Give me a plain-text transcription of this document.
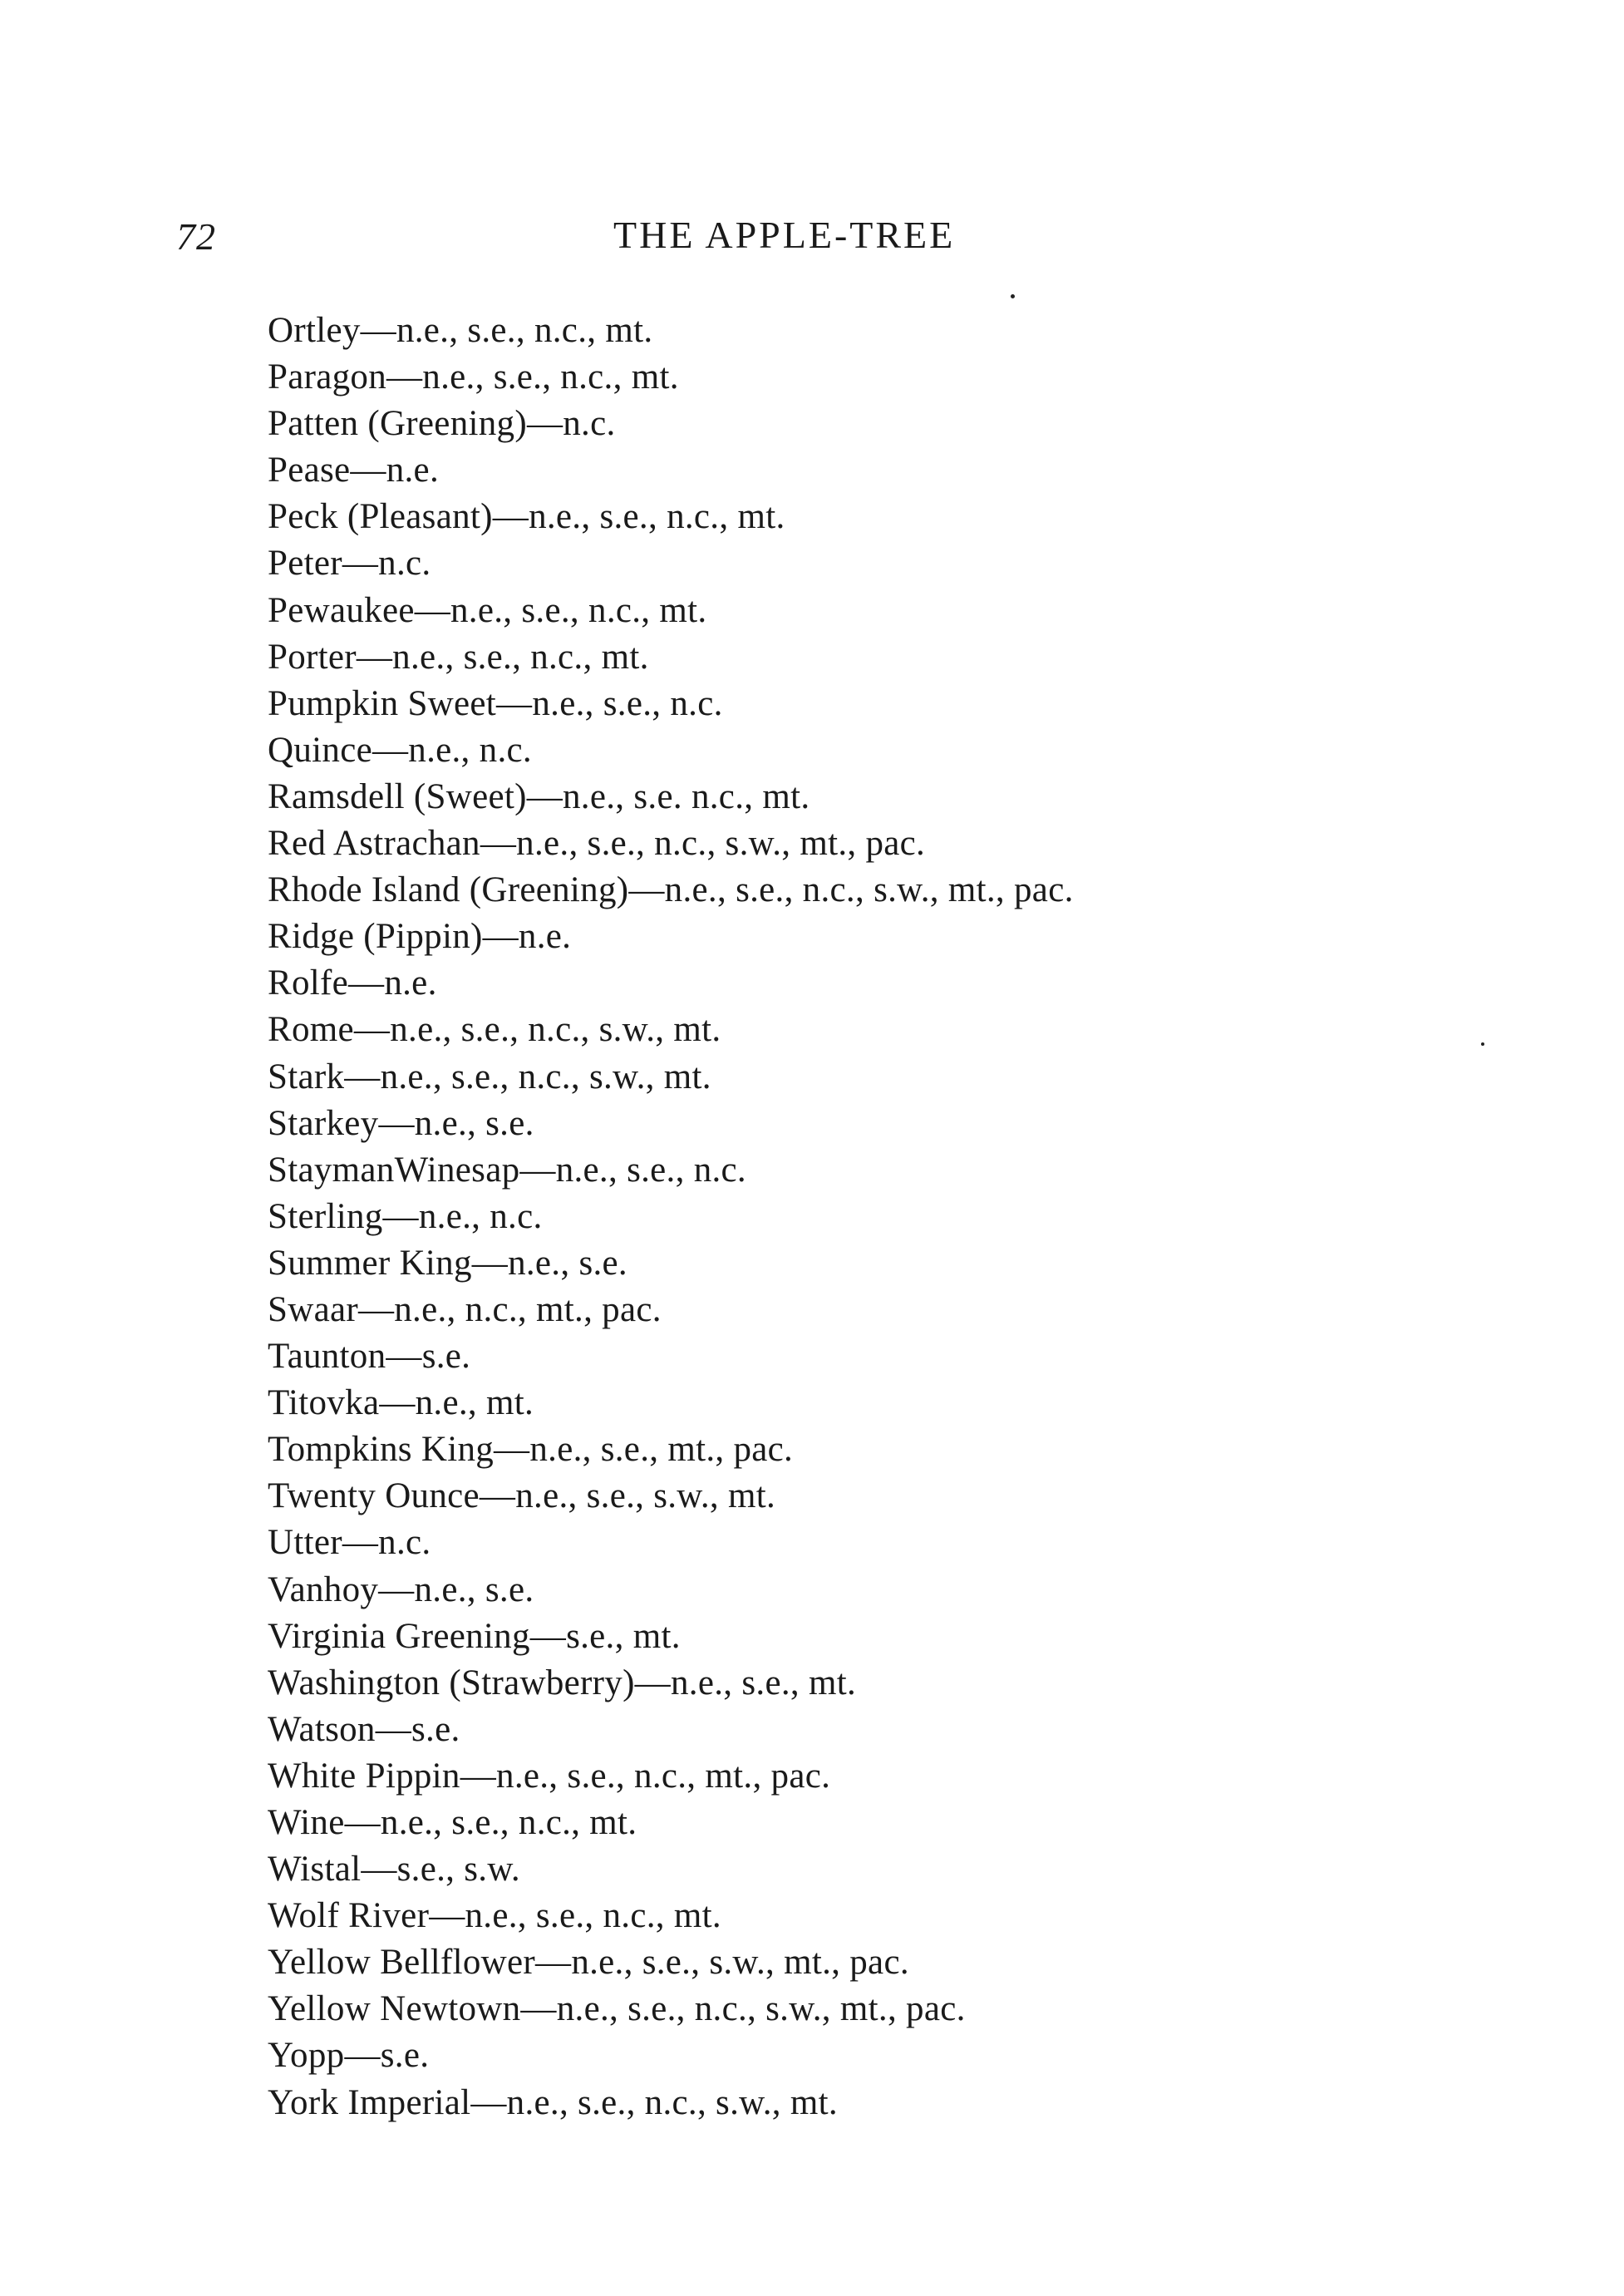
72	THE APPLE-TREE
Ortley—n.e., s.e., n.c., mt.
Paragon—n.e., s.e., n.c., mt.
Patten (Greening)—n.c.
Pease—n.e.
Peck (Pleasant)—n.e., s.e., n.c., mt.
Peter—n.c.
Pewaukee—n.e., s.e., n.c., mt.
Porter—n.e., s.e., n.c., mt.
Pumpkin Sweet—n.e., s.e., n.c.
Quince—n.e., n.c.
Ramsdell (Sweet)—n.e., s.e. n.c., mt.
Red Astrachan—n.e., s.e., n.c., s.w., mt., pac.
Rhode Island (Greening)—n.e., s.e., n.c., s.w., mt., pac.
Ridge (Pippin)—n.e.
Rolfe—n.e.
Rome—n.e., s.e., n.c., s.w., mt.
Stark—n.e., s.e., n.c., s.w., mt.
Starkey—n.e., s.e.
StaymanWinesap—n.e., s.e., n.c.
Sterling—n.e., n.c.
Summer King—n.e., s.e.
Swaar—n.e., n.c., mt., pac.
Taunton—s.e.
Titovka—n.e., mt.
Tompkins King—n.e., s.e., mt., pac.
Twenty Ounce—n.e., s.e., s.w., mt.
Utter—n.c.
Vanhoy—n.e., s.e.
Virginia Greening—s.e., mt.
Washington (Strawberry)—n.e., s.e., mt.
Watson—s.e.
White Pippin—n.e., s.e., n.c., mt., pac.
Wine—n.e., s.e., n.c., mt.
Wistal—s.e., s.w.
Wolf River—n.e., s.e., n.c., mt.
Yellow Bellflower—n.e., s.e., s.w., mt., pac.
Yellow Newtown—n.e., s.e., n.c., s.w., mt., pac.
Yopp—s.e.
York Imperial—n.e., s.e., n.c., s.w., mt.
